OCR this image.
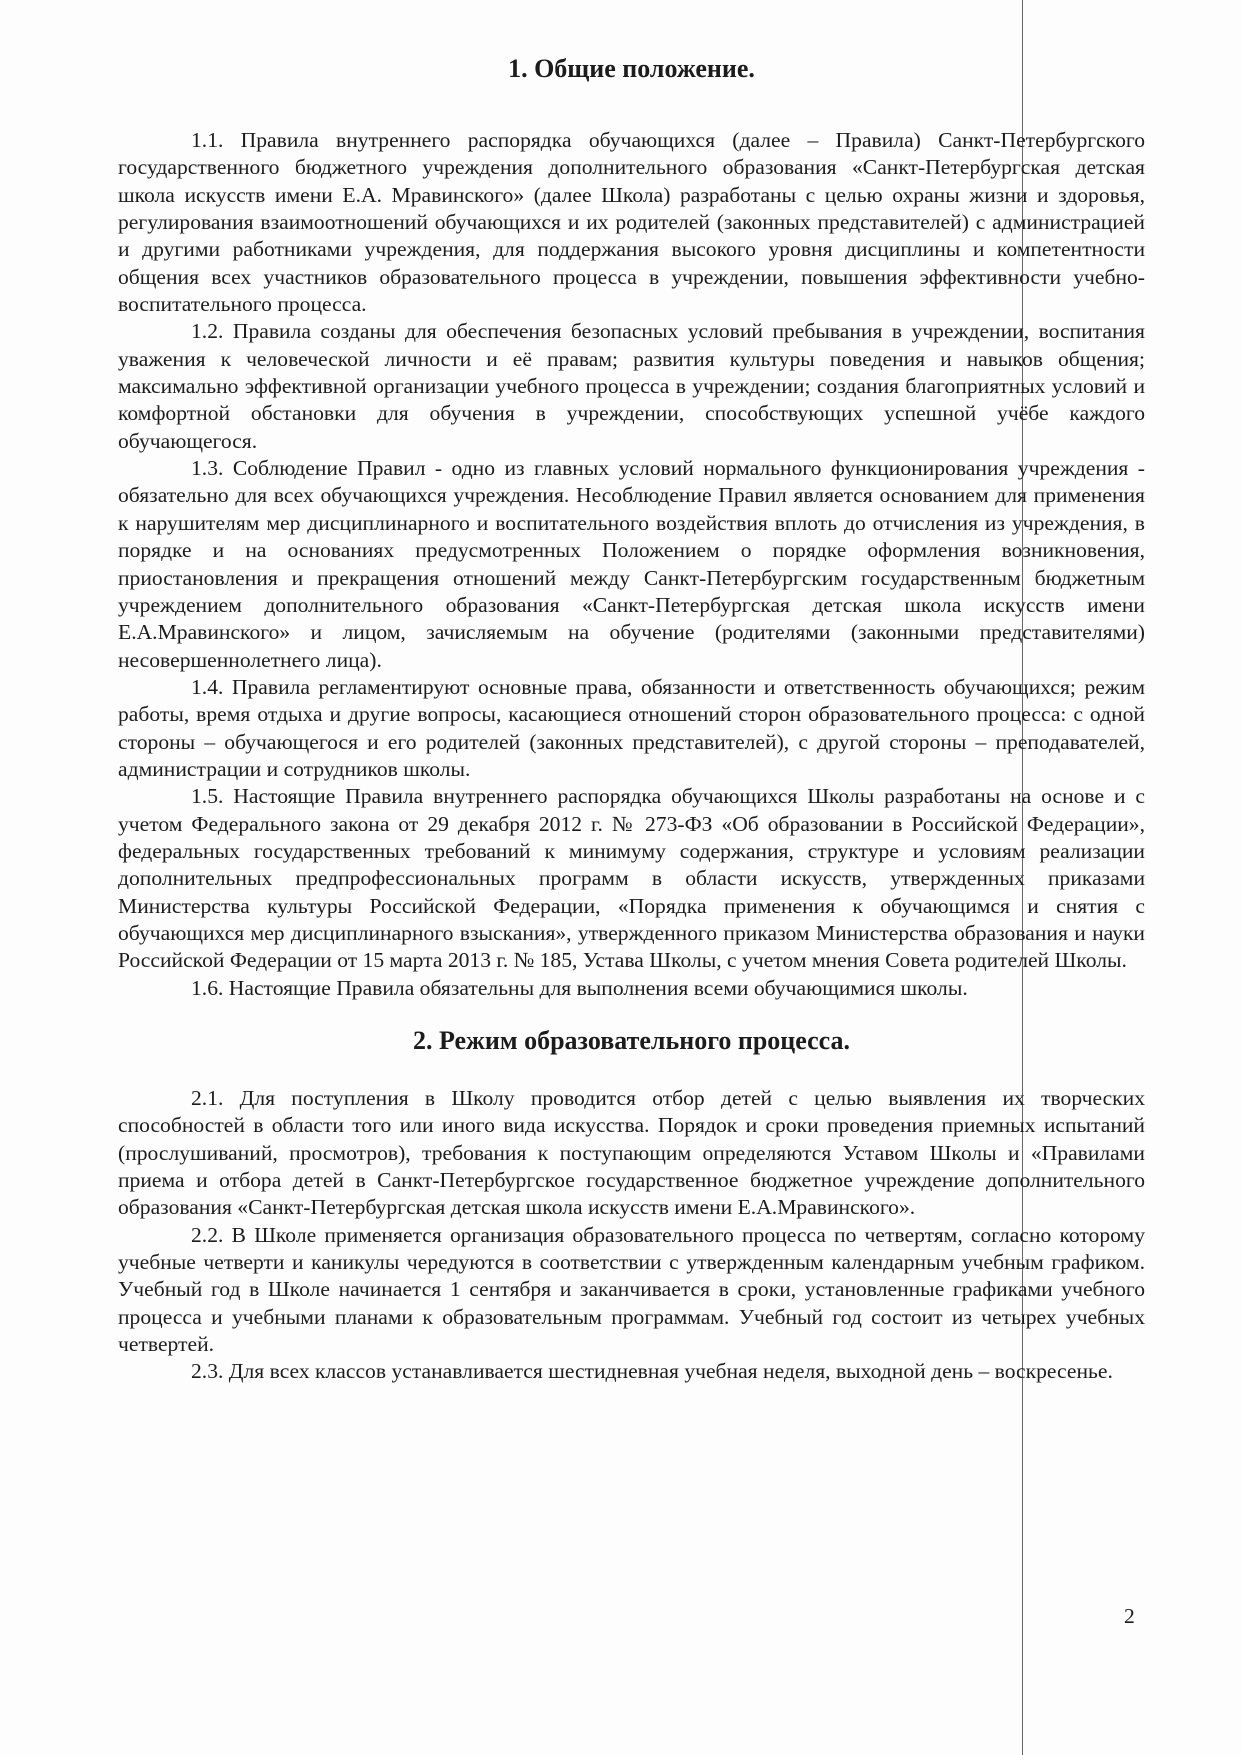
1. Общие положение.

1.1. Правила внутреннего распорядка обучающихся (далее – Правила) Санкт-Петербургского государственного бюджетного учреждения дополнительного образования «Санкт-Петербургская детская школа искусств имени Е.А. Мравинского» (далее Школа) разработаны с целью охраны жизни и здоровья, регулирования взаимоотношений обучающихся и их родителей (законных представителей) с администрацией и другими работниками учреждения, для поддержания высокого уровня дисциплины и компетентности общения всех участников образовательного процесса в учреждении, повышения эффективности учебно-воспитательного процесса.

1.2. Правила созданы для обеспечения безопасных условий пребывания в учреждении, воспитания уважения к человеческой личности и её правам; развития культуры поведения и навыков общения; максимально эффективной организации учебного процесса в учреждении; создания благоприятных условий и комфортной обстановки для обучения в учреждении, способствующих успешной учёбе каждого обучающегося.

1.3. Соблюдение Правил - одно из главных условий нормального функционирования учреждения - обязательно для всех обучающихся учреждения. Несоблюдение Правил является основанием для применения к нарушителям мер дисциплинарного и воспитательного воздействия вплоть до отчисления из учреждения, в порядке и на основаниях предусмотренных Положением о порядке оформления возникновения, приостановления и прекращения отношений между Санкт-Петербургским государственным бюджетным учреждением дополнительного образования «Санкт-Петербургская детская школа искусств имени Е.А.Мравинского» и лицом, зачисляемым на обучение (родителями (законными представителями) несовершеннолетнего лица).

1.4. Правила регламентируют основные права, обязанности и ответственность обучающихся; режим работы, время отдыха и другие вопросы, касающиеся отношений сторон образовательного процесса: с одной стороны – обучающегося и его родителей (законных представителей), с другой стороны – преподавателей, администрации и сотрудников школы.

1.5. Настоящие Правила внутреннего распорядка обучающихся Школы разработаны на основе и с учетом Федерального закона от 29 декабря 2012 г. № 273-ФЗ «Об образовании в Российской Федерации», федеральных государственных требований к минимуму содержания, структуре и условиям реализации дополнительных предпрофессиональных программ в области искусств, утвержденных приказами Министерства культуры Российской Федерации, «Порядка применения к обучающимся и снятия с обучающихся мер дисциплинарного взыскания», утвержденного приказом Министерства образования и науки Российской Федерации от 15 марта 2013 г. № 185, Устава Школы, с учетом мнения Совета родителей Школы.

1.6. Настоящие Правила обязательны для выполнения всеми обучающимися школы.

2. Режим образовательного процесса.

2.1. Для поступления в Школу проводится отбор детей с целью выявления их творческих способностей в области того или иного вида искусства. Порядок и сроки проведения приемных испытаний (прослушиваний, просмотров), требования к поступающим определяются Уставом Школы и «Правилами приема и отбора детей в Санкт-Петербургское государственное бюджетное учреждение дополнительного образования «Санкт-Петербургская детская школа искусств имени Е.А.Мравинского».

2.2. В Школе применяется организация образовательного процесса по четвертям, согласно которому учебные четверти и каникулы чередуются в соответствии с утвержденным календарным учебным графиком. Учебный год в Школе начинается 1 сентября и заканчивается в сроки, установленные графиками учебного процесса и учебными планами к образовательным программам. Учебный год состоит из четырех учебных четвертей.

2.3. Для всех классов устанавливается шестидневная учебная неделя, выходной день – воскресенье.

2
